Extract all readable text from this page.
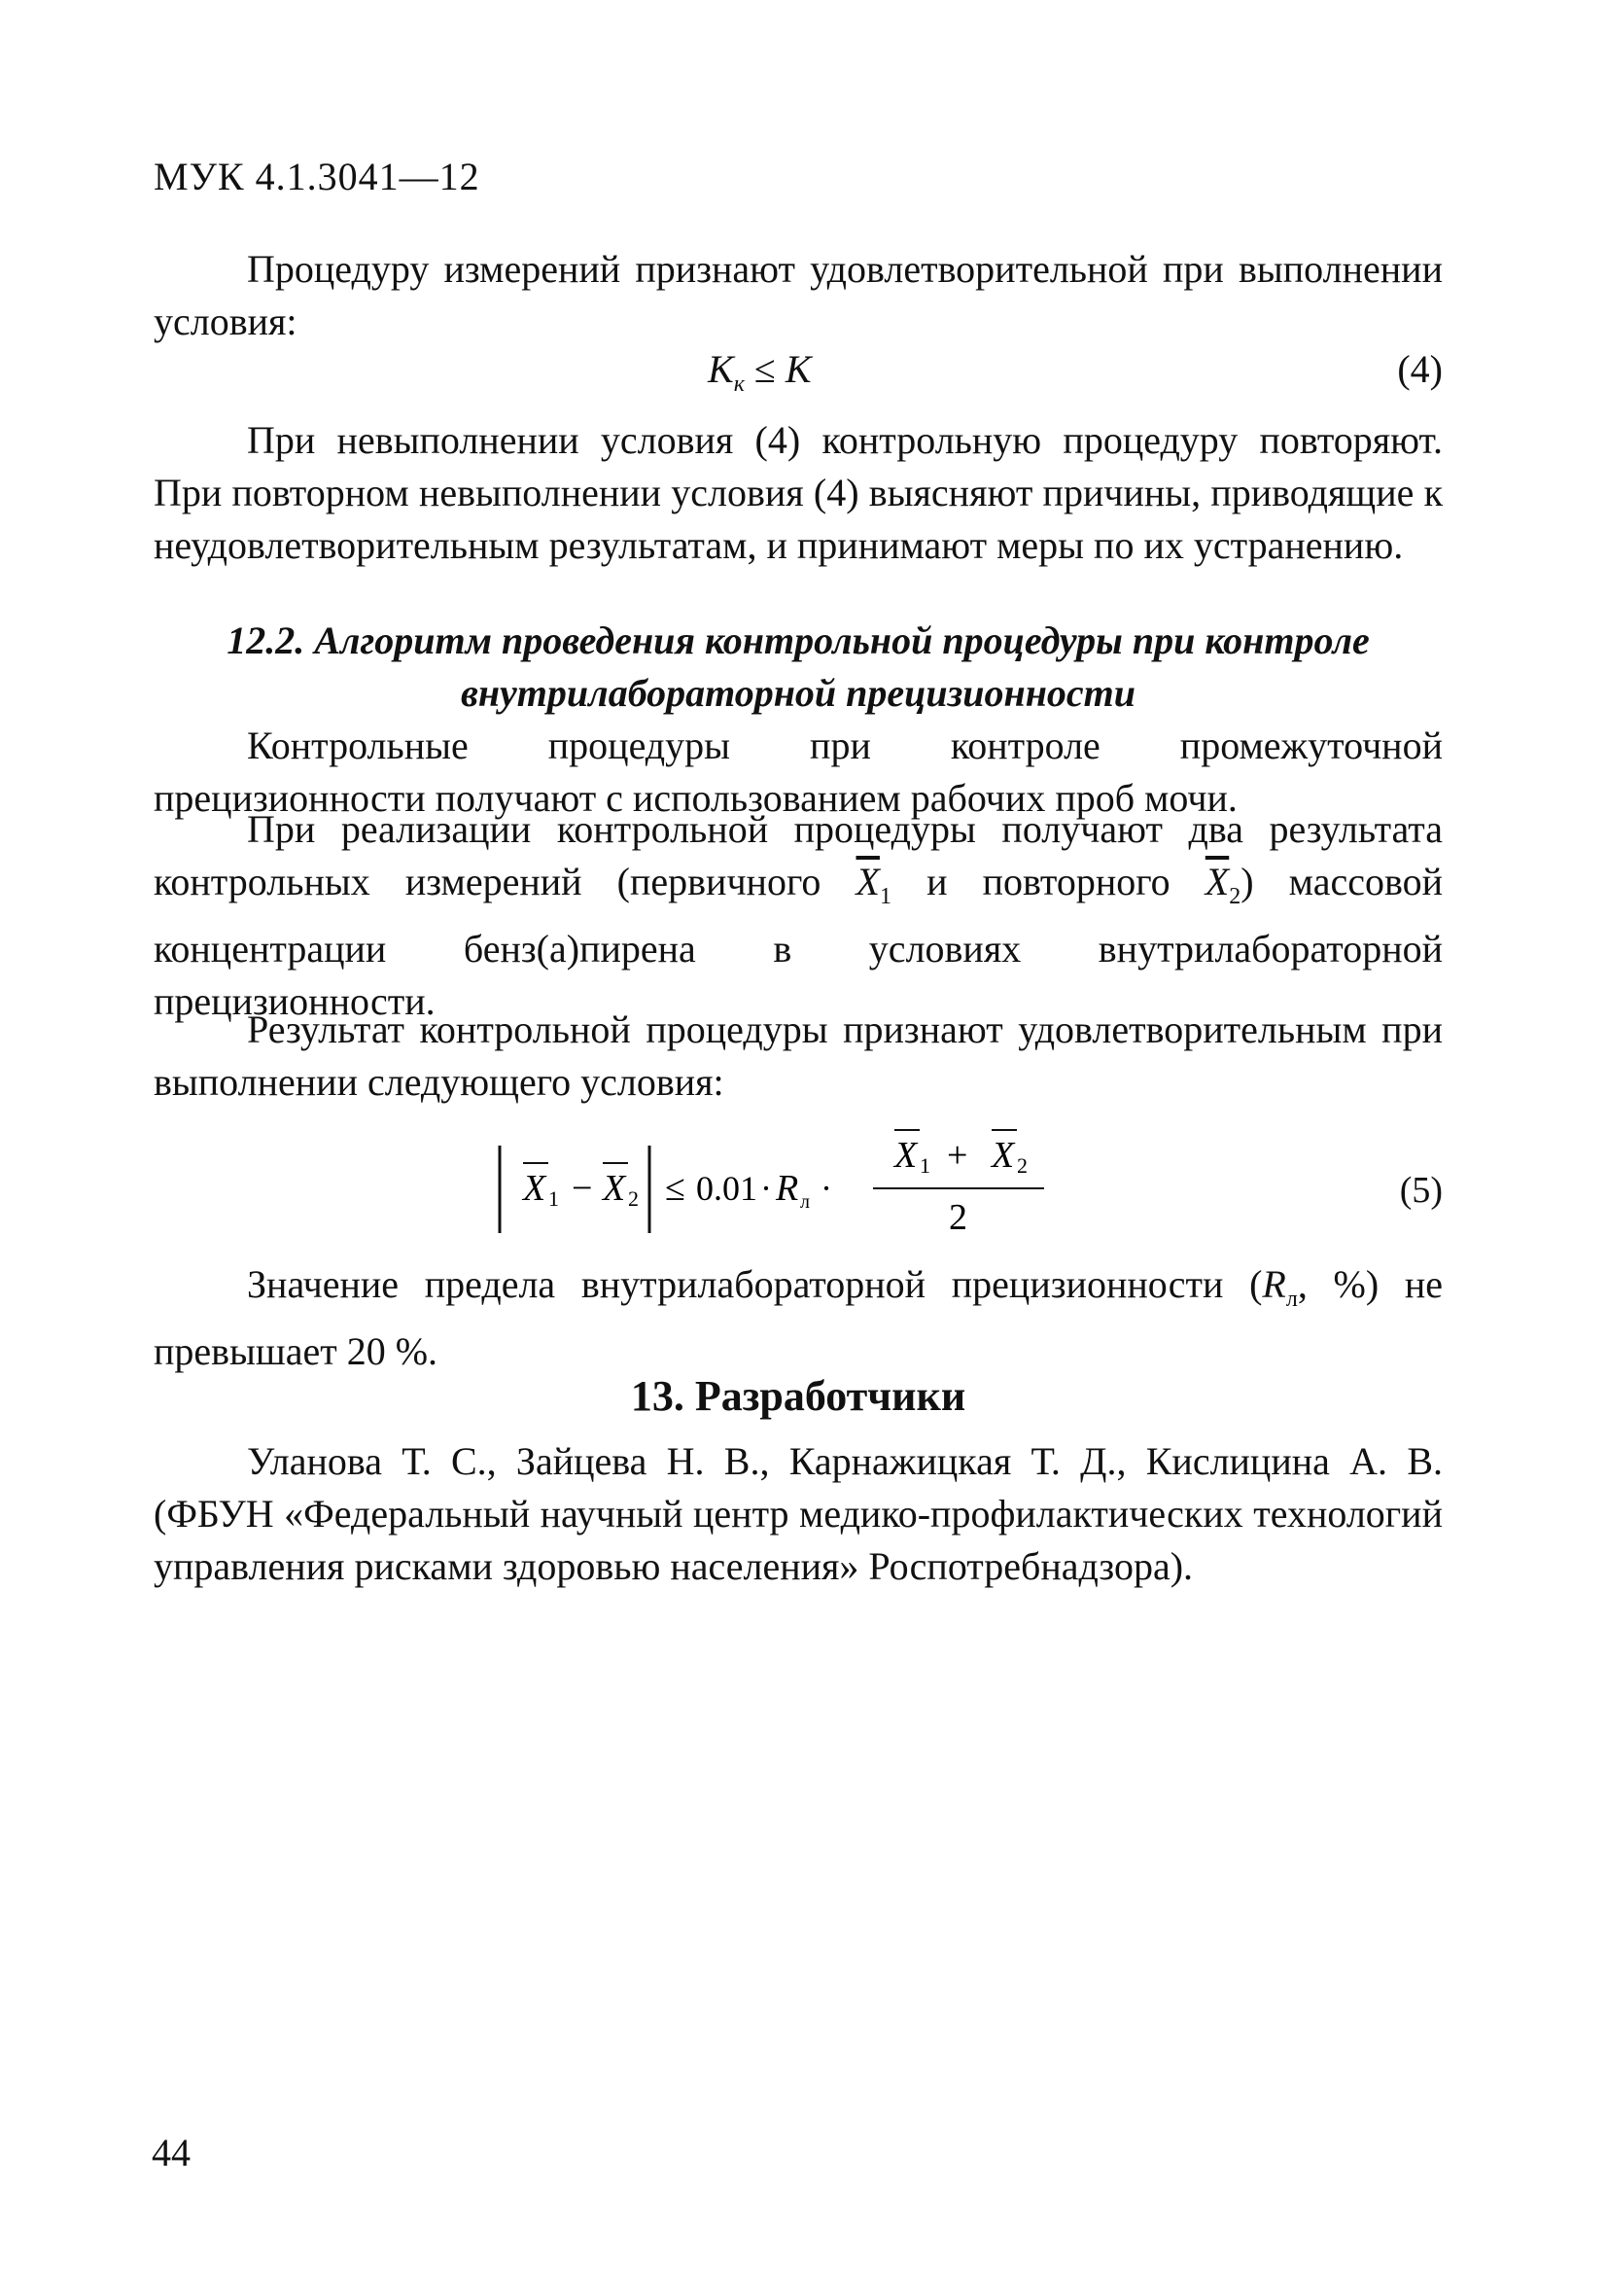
МУК 4.1.3041—12

Процедуру измерений признают удовлетворительной при выполнении условия:

$K_к \le K$	(4)

При невыполнении условия (4) контрольную процедуру повторяют. При повторном невыполнении условия (4) выясняют причины, приводящие к неудовлетворительным результатам, и принимают меры по их устранению.

12.2. Алгоритм проведения контрольной процедуры при контроле
внутрилабораторной прецизионности

Контрольные процедуры при контроле промежуточной прецизионности получают с использованием рабочих проб мочи.

При реализации контрольной процедуры получают два результата контрольных измерений (первичного $\overline{X}_1$ и повторного $\overline{X}_2$) массовой концентрации бенз(а)пирена в условиях внутрилабораторной прецизионности.

Результат контрольной процедуры признают удовлетворительным при выполнении следующего условия:

X 1 − X 2 ≤ 0.01 · R л ·
X 1 + X 2
2
(5)

Значение предела внутрилабораторной прецизионности ($R_л$, %) не превышает 20 %.

13. Разработчики

Уланова Т. С., Зайцева Н. В., Карнажицкая Т. Д., Кислицина А. В. (ФБУН «Федеральный научный центр медико-профилактических технологий управления рисками здоровью населения» Роспотребнадзора).

44
